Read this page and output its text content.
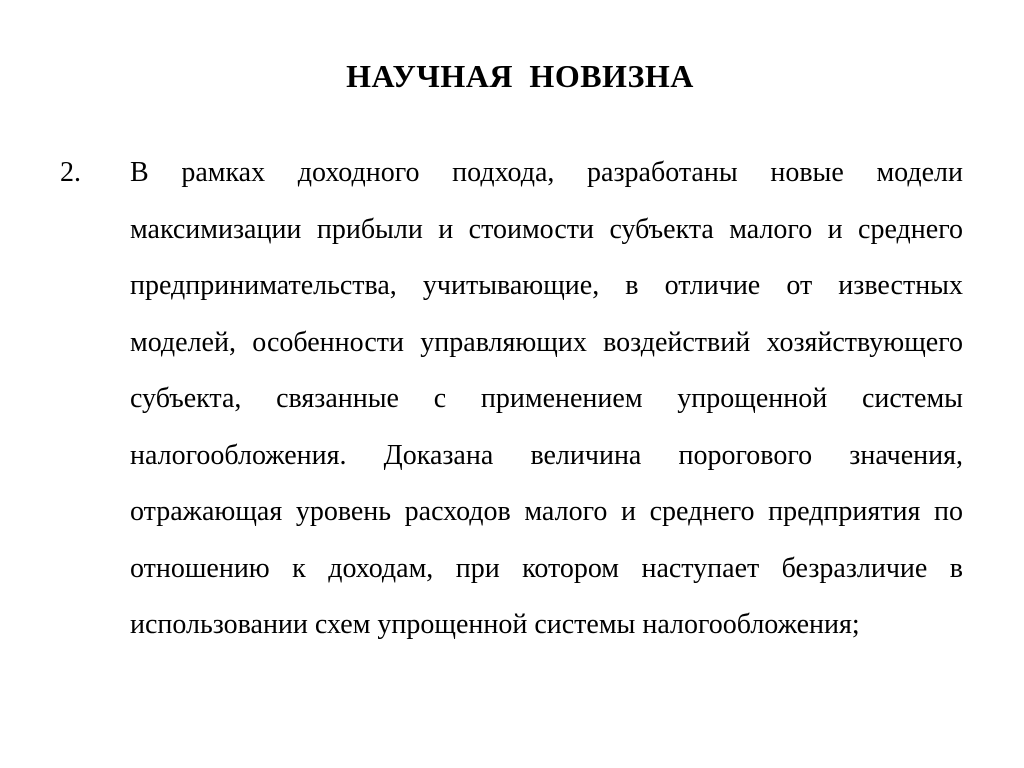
НАУЧНАЯ НОВИЗНА
2. В рамках доходного подхода, разработаны новые модели максимизации прибыли и стоимости субъекта малого и среднего предпринимательства, учитывающие, в отличие от известных моделей, особенности управляющих воздействий хозяйствующего субъекта, связанные с применением упрощенной системы налогообложения. Доказана величина порогового значения, отражающая уровень расходов малого и среднего предприятия по отношению к доходам, при котором наступает безразличие в использовании схем упрощенной системы налогообложения;
